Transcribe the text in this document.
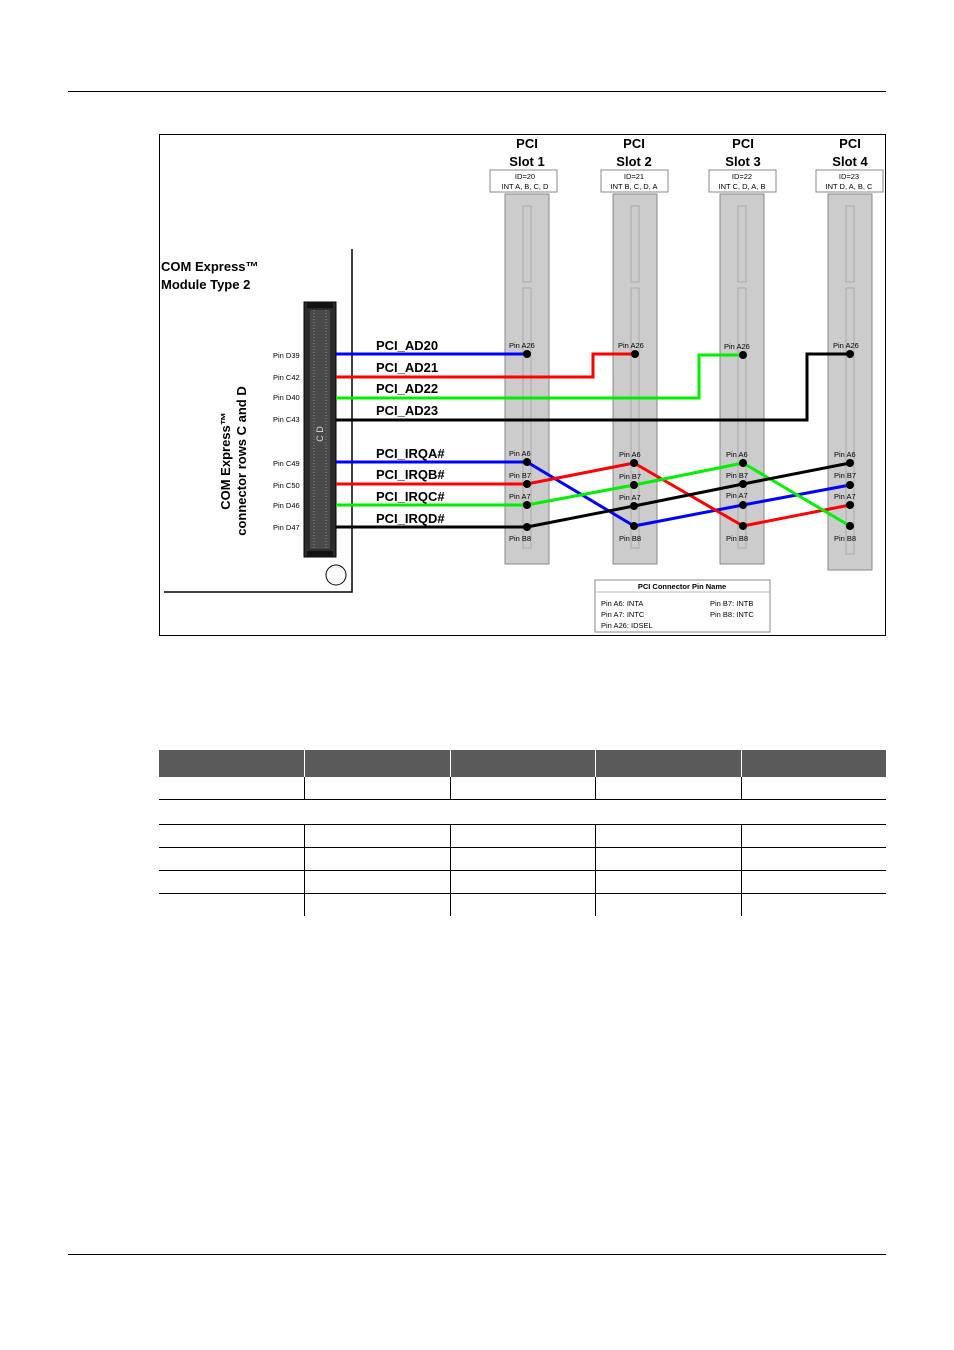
COM Express™
Module Type 2
COM Express™ connector rows C and D	C D
PCI
Slot 1
ID=20
INT A, B, C, D
PCI
Slot 2
ID=21
INT B, C, D, A
PCI
Slot 3
ID=22
INT C, D, A, B
PCI
Slot 4
ID=23
INT D, A, B, C
Pin D39
Pin C42
Pin D40
Pin C43
Pin C49
Pin C50
Pin D46
Pin D47
PCI_AD20
PCI_AD21
PCI_AD22
PCI_AD23
PCI_IRQA#
PCI_IRQB#
PCI_IRQC#
PCI_IRQD#
Pin A26
Pin A6
Pin B7
Pin A7
Pin B8
Pin A26
Pin A6
Pin B7
Pin A7
Pin B8
Pin A26
Pin A6
Pin B7
Pin A7
Pin B8
Pin A26
Pin A6
Pin B7
Pin A7
Pin B8
PCI Connector Pin Name
Pin A6: INTA
Pin A7: INTC
Pin A26: IDSEL
Pin B7: INTB
Pin B8: INTC
